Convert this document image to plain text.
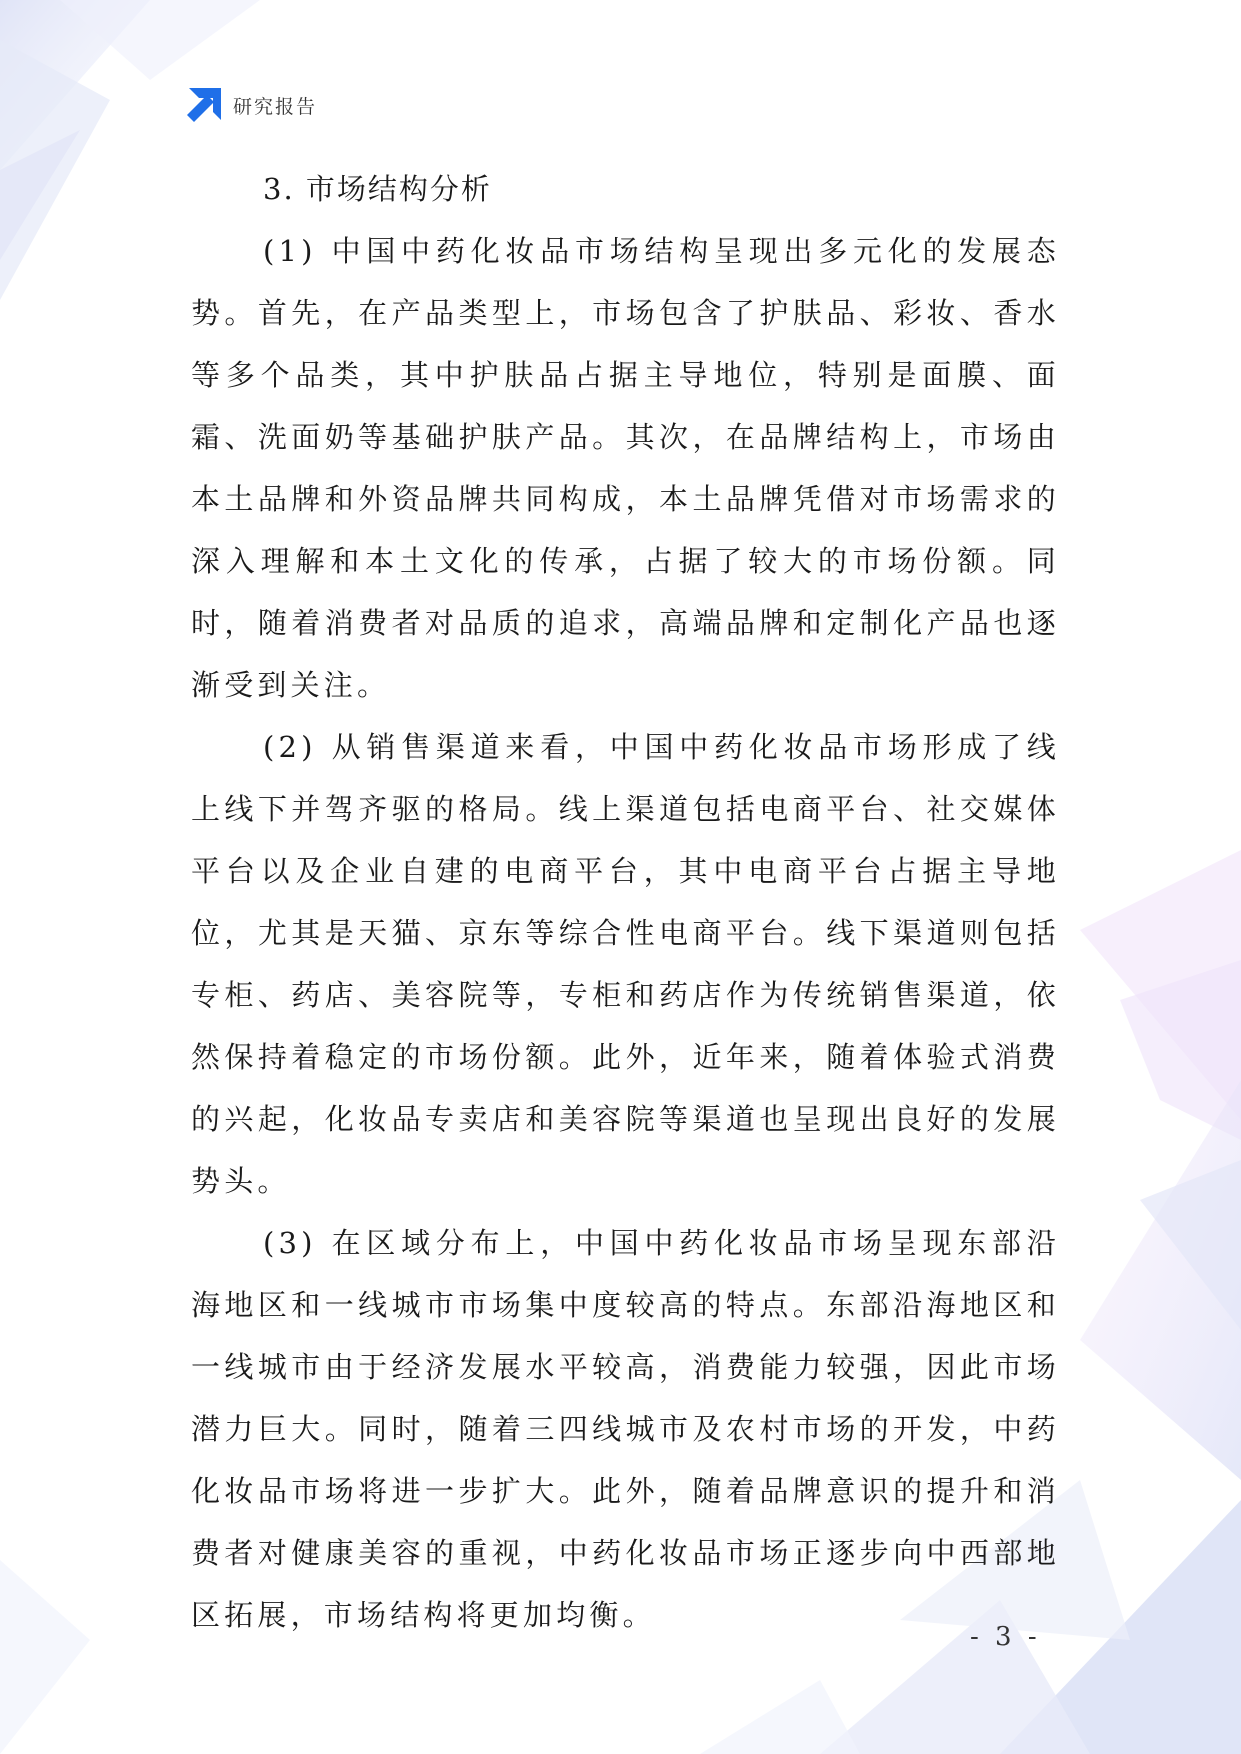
研究报告
3. 市场结构分析

(1) 中国中药化妆品市场结构呈现出多元化的发展态势。首先，在产品类型上，市场包含了护肤品、彩妆、香水等多个品类，其中护肤品占据主导地位，特别是面膜、面霜、洗面奶等基础护肤产品。其次，在品牌结构上，市场由本土品牌和外资品牌共同构成，本土品牌凭借对市场需求的深入理解和本土文化的传承，占据了较大的市场份额。同时，随着消费者对品质的追求，高端品牌和定制化产品也逐渐受到关注。

(2) 从销售渠道来看，中国中药化妆品市场形成了线上线下并驾齐驱的格局。线上渠道包括电商平台、社交媒体平台以及企业自建的电商平台，其中电商平台占据主导地位，尤其是天猫、京东等综合性电商平台。线下渠道则包括专柜、药店、美容院等，专柜和药店作为传统销售渠道，依然保持着稳定的市场份额。此外，近年来，随着体验式消费的兴起，化妆品专卖店和美容院等渠道也呈现出良好的发展势头。

(3) 在区域分布上，中国中药化妆品市场呈现东部沿海地区和一线城市市场集中度较高的特点。东部沿海地区和一线城市由于经济发展水平较高，消费能力较强，因此市场潜力巨大。同时，随着三四线城市及农村市场的开发，中药化妆品市场将进一步扩大。此外，随着品牌意识的提升和消费者对健康美容的重视，中药化妆品市场正逐步向中西部地区拓展，市场结构将更加均衡。

- 3 -
